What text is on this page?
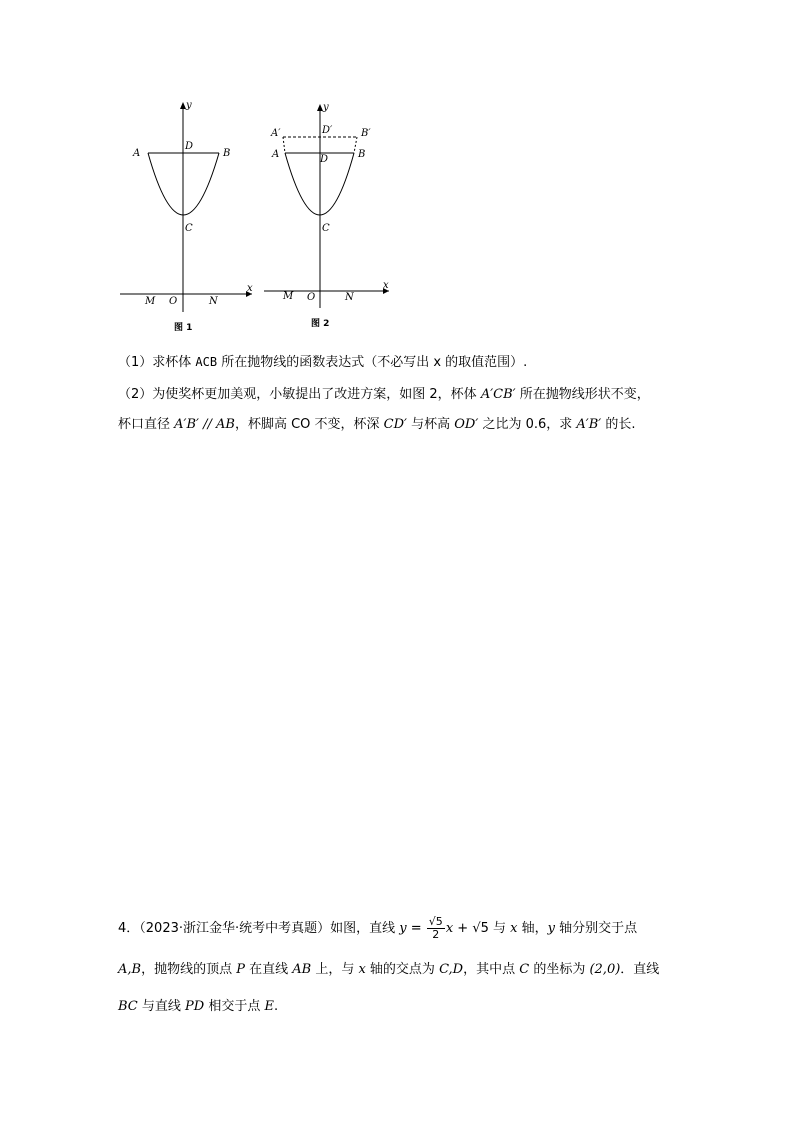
y
x
A	B
D
C
M O	N
图 1
y
x
A′	B′
D′
A	B
D
C
M O	N
图 2
（1）求杯体 ACB 所在抛物线的函数表达式（不必写出 x 的取值范围）.
（2）为使奖杯更加美观，小敏提出了改进方案，如图 2，杯体 A′CB′ 所在抛物线形状不变，
杯口直径 A′B′ // AB，杯脚高 CO 不变，杯深 CD′ 与杯高 OD′ 之比为 0.6，求 A′B′ 的长.
4．（2023·浙江金华·统考中考真题）如图，直线 $y = \frac{√5}{2}$ x + √5 与 x 轴，y 轴分别交于点
A,B，抛物线的顶点 P 在直线 AB 上，与 x 轴的交点为 C,D，其中点 C 的坐标为 (2,0)．直线
BC 与直线 PD 相交于点 E.
